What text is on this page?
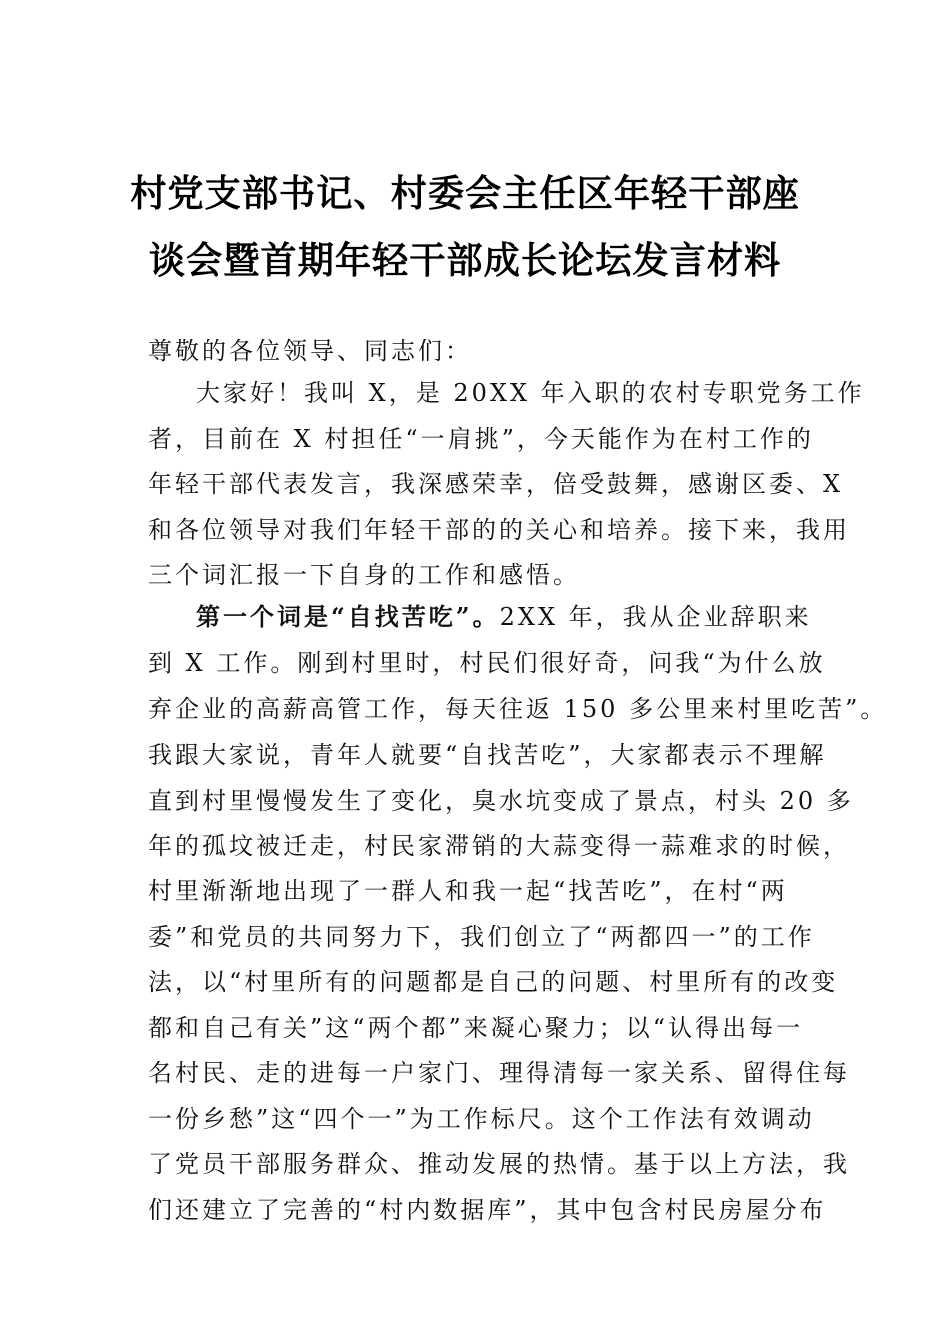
村党支部书记、村委会主任区年轻干部座
谈会暨首期年轻干部成长论坛发言材料
尊敬的各位领导、同志们：
大家好！我叫 X，是 20XX 年入职的农村专职党务工作
者，目前在 X 村担任“一肩挑”，今天能作为在村工作的
年轻干部代表发言，我深感荣幸，倍受鼓舞，感谢区委、X
和各位领导对我们年轻干部的的关心和培养。接下来，我用
三个词汇报一下自身的工作和感悟。
第一个词是“自找苦吃”。2XX 年，我从企业辞职来
到 X 工作。刚到村里时，村民们很好奇，问我“为什么放
弃企业的高薪高管工作，每天往返 150 多公里来村里吃苦”。
我跟大家说，青年人就要“自找苦吃”，大家都表示不理解
直到村里慢慢发生了变化，臭水坑变成了景点，村头 20 多
年的孤坟被迁走，村民家滞销的大蒜变得一蒜难求的时候，
村里渐渐地出现了一群人和我一起“找苦吃”，在村“两
委”和党员的共同努力下，我们创立了“两都四一”的工作
法，以“村里所有的问题都是自己的问题、村里所有的改变
都和自己有关”这“两个都”来凝心聚力；以“认得出每一
名村民、走的进每一户家门、理得清每一家关系、留得住每
一份乡愁”这“四个一”为工作标尺。这个工作法有效调动
了党员干部服务群众、推动发展的热情。基于以上方法，我
们还建立了完善的“村内数据库”，其中包含村民房屋分布
